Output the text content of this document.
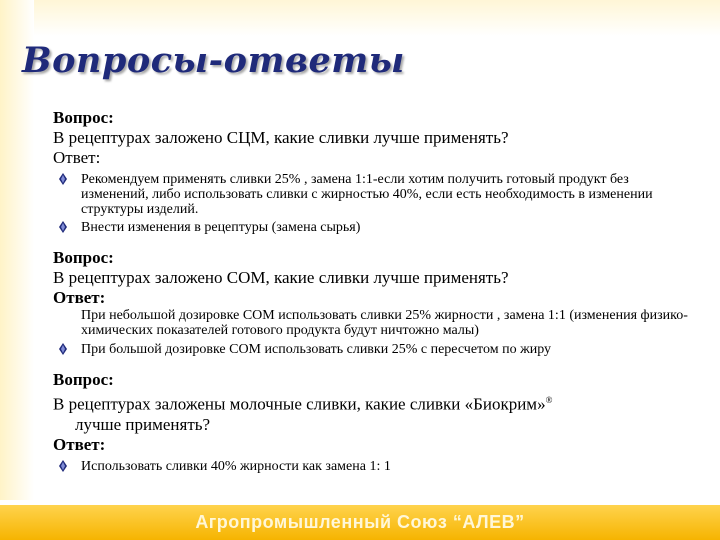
Вопросы-ответы
Вопрос:
В рецептурах заложено СЦМ, какие сливки лучше применять?
Ответ:
Рекомендуем применять сливки 25% , замена 1:1-если хотим получить готовый продукт без изменений, либо использовать сливки с жирностью 40%, если есть необходимость в изменении структуры изделий.
Внести изменения в рецептуры (замена сырья)
Вопрос:
В рецептурах заложено СОМ, какие сливки лучше применять?
Ответ:
При небольшой дозировке СОМ использовать сливки 25% жирности , замена 1:1 (изменения физико-химических показателей готового продукта будут ничтожно малы)
При большой дозировке СОМ использовать сливки 25% с пересчетом по жиру
Вопрос:
В рецептурах заложены молочные сливки, какие сливки «Биокрим»®
лучше применять?
Ответ:
Использовать сливки 40% жирности как замена 1: 1
Агропромышленный Союз “АЛЕВ”
